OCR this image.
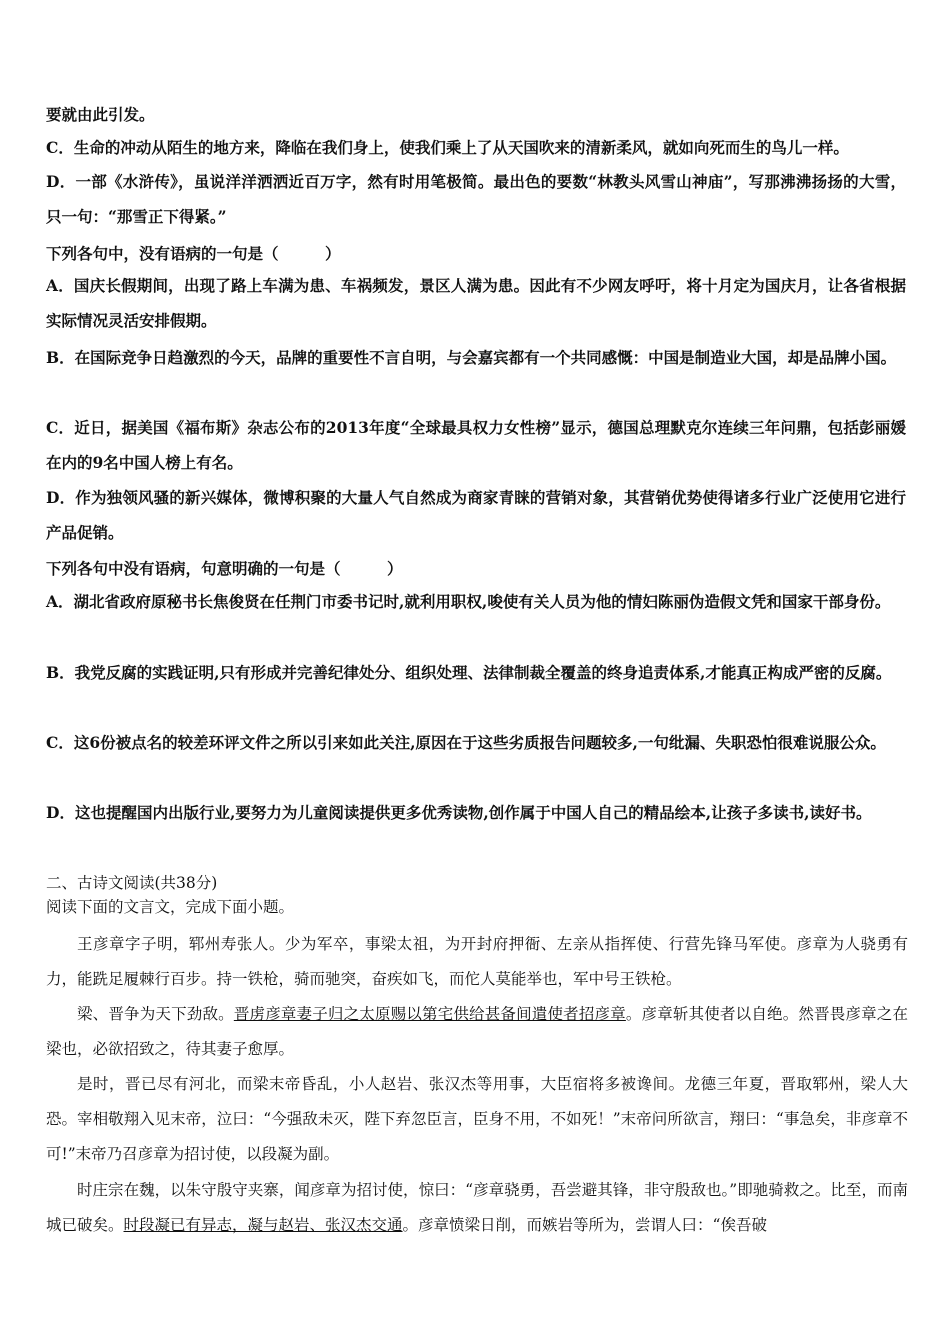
要就由此引发。
C．生命的冲动从陌生的地方来，降临在我们身上，使我们乘上了从天国吹来的清新柔风，就如向死而生的鸟儿一样。
D．一部《水浒传》，虽说洋洋洒洒近百万字，然有时用笔极简。最出色的要数“林教头风雪山神庙”，写那沸沸扬扬的大雪，只一句：“那雪正下得紧。”
下列各句中，没有语病的一句是（　　　）
A．国庆长假期间，出现了路上车满为患、车祸频发，景区人满为患。因此有不少网友呼吁，将十月定为国庆月，让各省根据实际情况灵活安排假期。
B．在国际竞争日趋激烈的今天，品牌的重要性不言自明，与会嘉宾都有一个共同感慨：中国是制造业大国，却是品牌小国。
C．近日，据美国《福布斯》杂志公布的2013年度“全球最具权力女性榜”显示，德国总理默克尔连续三年问鼎，包括彭丽媛在内的9名中国人榜上有名。
D．作为独领风骚的新兴媒体，微博积聚的大量人气自然成为商家青睐的营销对象，其营销优势使得诸多行业广泛使用它进行产品促销。
下列各句中没有语病，句意明确的一句是（　　　）
A．湖北省政府原秘书长焦俊贤在任荆门市委书记时,就利用职权,唆使有关人员为他的情妇陈丽伪造假文凭和国家干部身份。
B．我党反腐的实践证明,只有形成并完善纪律处分、组织处理、法律制裁全覆盖的终身追责体系,才能真正构成严密的反腐。
C．这6份被点名的较差环评文件之所以引来如此关注,原因在于这些劣质报告问题较多,一句纰漏、失职恐怕很难说服公众。
D．这也提醒国内出版行业,要努力为儿童阅读提供更多优秀读物,创作属于中国人自己的精品绘本,让孩子多读书,读好书。
二、古诗文阅读(共38分)
阅读下面的文言文，完成下面小题。
王彦章字子明，郓州寿张人。少为军卒，事梁太祖，为开封府押衙、左亲从指挥使、行营先锋马军使。彦章为人骁勇有力，能跣足履棘行百步。持一铁枪，骑而驰突，奋疾如飞，而佗人莫能举也，军中号王铁枪。
梁、晋争为天下劲敌。晋虏彦章妻子归之太原赐以第宅供给甚备间遣使者招彦章。彦章斩其使者以自绝。然晋畏彦章之在梁也，必欲招致之，待其妻子愈厚。
是时，晋已尽有河北，而梁末帝昏乱，小人赵岩、张汉杰等用事，大臣宿将多被谗间。龙德三年夏，晋取郓州，梁人大恐。宰相敬翔入见末帝，泣曰：“今强敌未灭，陛下弃忽臣言，臣身不用，不如死！”末帝问所欲言，翔曰：“事急矣，非彦章不可!”末帝乃召彦章为招讨使，以段凝为副。
时庄宗在魏，以朱守殷守夹寨，闻彦章为招讨使，惊曰：“彦章骁勇，吾尝避其锋，非守殷敌也。”即驰骑救之。比至，而南城已破矣。时段凝已有异志，凝与赵岩、张汉杰交通。彦章愤梁日削，而嫉岩等所为，尝谓人曰：“俟吾破
